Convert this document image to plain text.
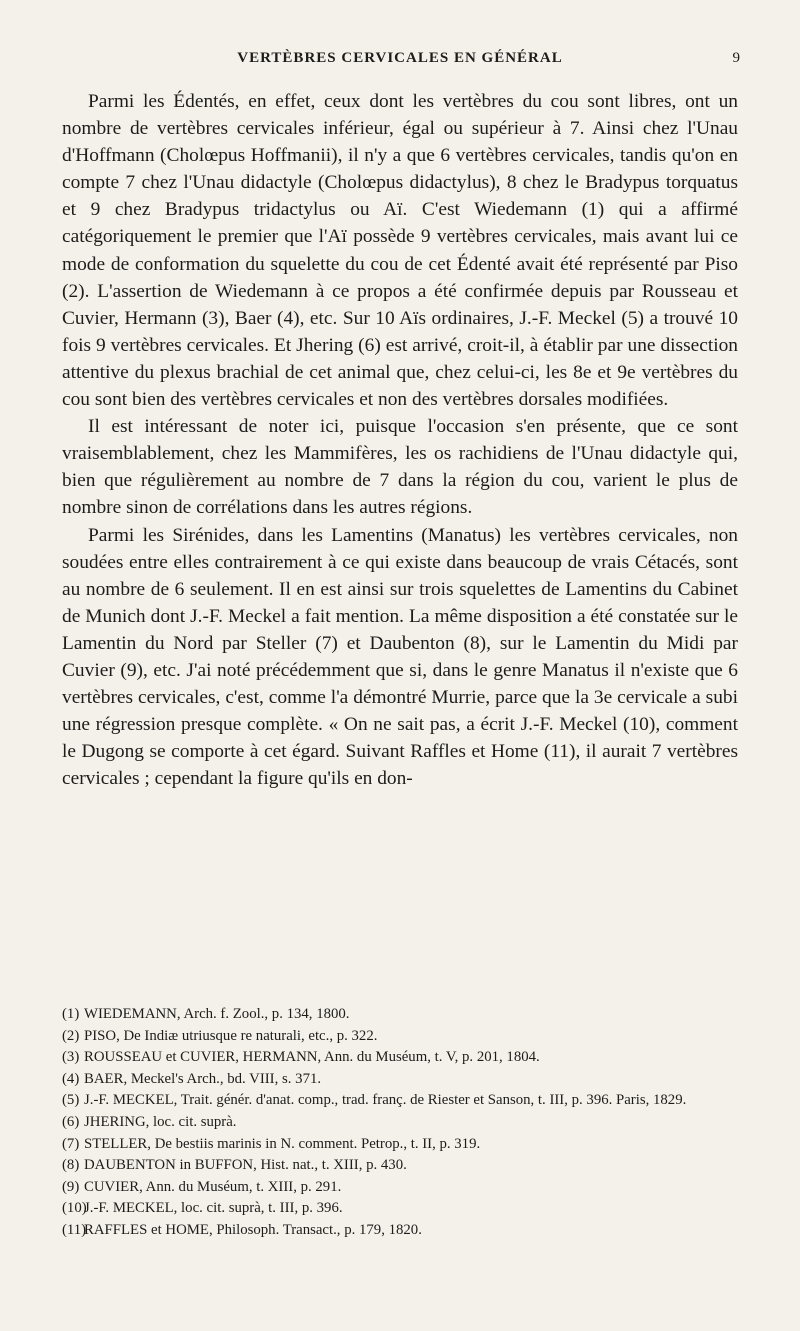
VERTÈBRES CERVICALES EN GÉNÉRAL	9

Parmi les Édentés, en effet, ceux dont les vertèbres du cou sont libres, ont un nombre de vertèbres cervicales inférieur, égal ou supérieur à 7. Ainsi chez l'Unau d'Hoffmann (Cholœpus Hoffmanii), il n'y a que 6 vertèbres cervicales, tandis qu'on en compte 7 chez l'Unau didactyle (Cholœpus didactylus), 8 chez le Bradypus torquatus et 9 chez Bradypus tridactylus ou Aï. C'est Wiedemann (1) qui a affirmé catégoriquement le premier que l'Aï possède 9 vertèbres cervicales, mais avant lui ce mode de conformation du squelette du cou de cet Édenté avait été représenté par Piso (2). L'assertion de Wiedemann à ce propos a été confirmée depuis par Rousseau et Cuvier, Hermann (3), Baer (4), etc. Sur 10 Aïs ordinaires, J.-F. Meckel (5) a trouvé 10 fois 9 vertèbres cervicales. Et Jhering (6) est arrivé, croit-il, à établir par une dissection attentive du plexus brachial de cet animal que, chez celui-ci, les 8e et 9e vertèbres du cou sont bien des vertèbres cervicales et non des vertèbres dorsales modifiées.

Il est intéressant de noter ici, puisque l'occasion s'en présente, que ce sont vraisemblablement, chez les Mammifères, les os rachidiens de l'Unau didactyle qui, bien que régulièrement au nombre de 7 dans la région du cou, varient le plus de nombre sinon de corrélations dans les autres régions.

Parmi les Sirénides, dans les Lamentins (Manatus) les vertèbres cervicales, non soudées entre elles contrairement à ce qui existe dans beaucoup de vrais Cétacés, sont au nombre de 6 seulement. Il en est ainsi sur trois squelettes de Lamentins du Cabinet de Munich dont J.-F. Meckel a fait mention. La même disposition a été constatée sur le Lamentin du Nord par Steller (7) et Daubenton (8), sur le Lamentin du Midi par Cuvier (9), etc. J'ai noté précédemment que si, dans le genre Manatus il n'existe que 6 vertèbres cervicales, c'est, comme l'a démontré Murrie, parce que la 3e cervicale a subi une régression presque complète. « On ne sait pas, a écrit J.-F. Meckel (10), comment le Dugong se comporte à cet égard. Suivant Raffles et Home (11), il aurait 7 vertèbres cervicales ; cependant la figure qu'ils en don-

(1) WIEDEMANN, Arch. f. Zool., p. 134, 1800.
(2) PISO, De Indiæ utriusque re naturali, etc., p. 322.
(3) ROUSSEAU et CUVIER, HERMANN, Ann. du Muséum, t. V, p. 201, 1804.
(4) BAER, Meckel's Arch., bd. VIII, s. 371.
(5) J.-F. MECKEL, Trait. génér. d'anat. comp., trad. franç. de Riester et Sanson, t. III, p. 396. Paris, 1829.
(6) JHERING, loc. cit. suprà.
(7) STELLER, De bestiis marinis in N. comment. Petrop., t. II, p. 319.
(8) DAUBENTON in BUFFON, Hist. nat., t. XIII, p. 430.
(9) CUVIER, Ann. du Muséum, t. XIII, p. 291.
(10)J.-F. MECKEL, loc. cit. suprà, t. III, p. 396.
(11)RAFFLES et HOME, Philosoph. Transact., p. 179, 1820.
